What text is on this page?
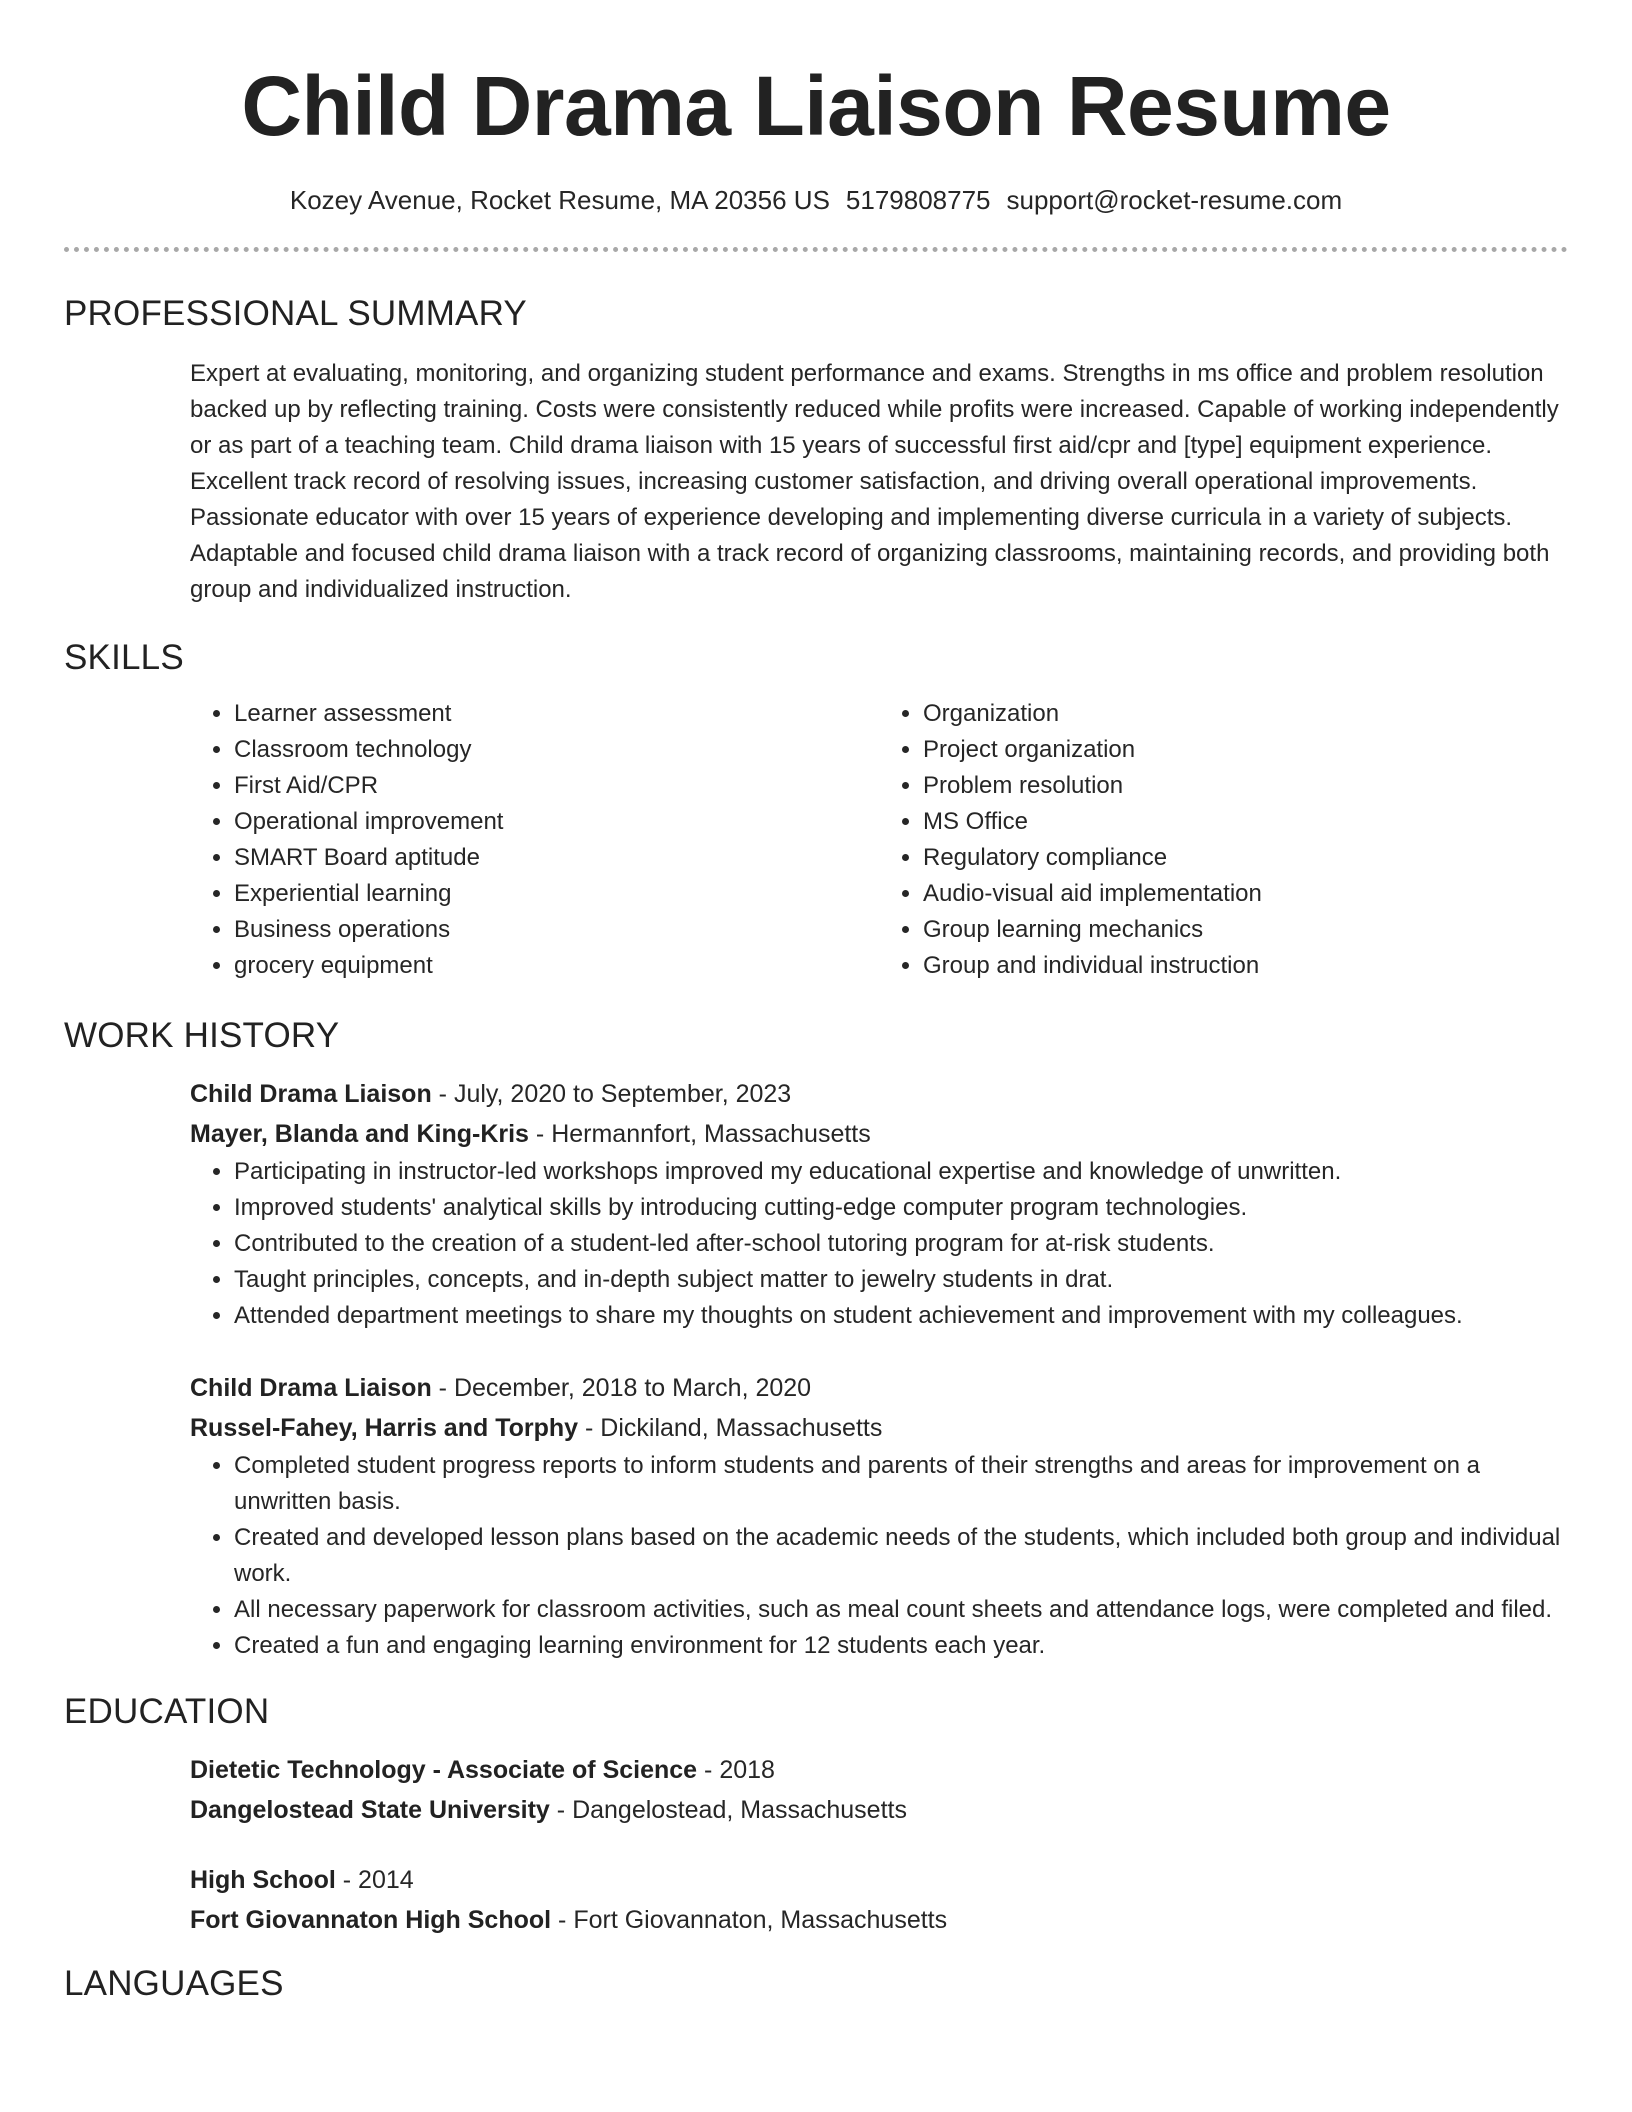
Child Drama Liaison Resume
Kozey Avenue, Rocket Resume, MA 20356 US 5179808775 support@rocket-resume.com
PROFESSIONAL SUMMARY

Expert at evaluating, monitoring, and organizing student performance and exams. Strengths in ms office and problem resolution backed up by reflecting training. Costs were consistently reduced while profits were increased. Capable of working independently or as part of a teaching team. Child drama liaison with 15 years of successful first aid/cpr and [type] equipment experience. Excellent track record of resolving issues, increasing customer satisfaction, and driving overall operational improvements. Passionate educator with over 15 years of experience developing and implementing diverse curricula in a variety of subjects. Adaptable and focused child drama liaison with a track record of organizing classrooms, maintaining records, and providing both group and individualized instruction.

SKILLS
• Learner assessment
• Classroom technology
• First Aid/CPR
• Operational improvement
• SMART Board aptitude
• Experiential learning
• Business operations
• grocery equipment
• Organization
• Project organization
• Problem resolution
• MS Office
• Regulatory compliance
• Audio-visual aid implementation
• Group learning mechanics
• Group and individual instruction
WORK HISTORY
Child Drama Liaison - July, 2020 to September, 2023
Mayer, Blanda and King-Kris - Hermannfort, Massachusetts
• Participating in instructor-led workshops improved my educational expertise and knowledge of unwritten.
• Improved students' analytical skills by introducing cutting-edge computer program technologies.
• Contributed to the creation of a student-led after-school tutoring program for at-risk students.
• Taught principles, concepts, and in-depth subject matter to jewelry students in drat.
• Attended department meetings to share my thoughts on student achievement and improvement with my colleagues.
Child Drama Liaison - December, 2018 to March, 2020
Russel-Fahey, Harris and Torphy - Dickiland, Massachusetts
• Completed student progress reports to inform students and parents of their strengths and areas for improvement on a unwritten basis.
• Created and developed lesson plans based on the academic needs of the students, which included both group and individual work.
• All necessary paperwork for classroom activities, such as meal count sheets and attendance logs, were completed and filed.
• Created a fun and engaging learning environment for 12 students each year.
EDUCATION
Dietetic Technology - Associate of Science - 2018
Dangelostead State University - Dangelostead, Massachusetts
High School - 2014
Fort Giovannaton High School - Fort Giovannaton, Massachusetts
LANGUAGES
